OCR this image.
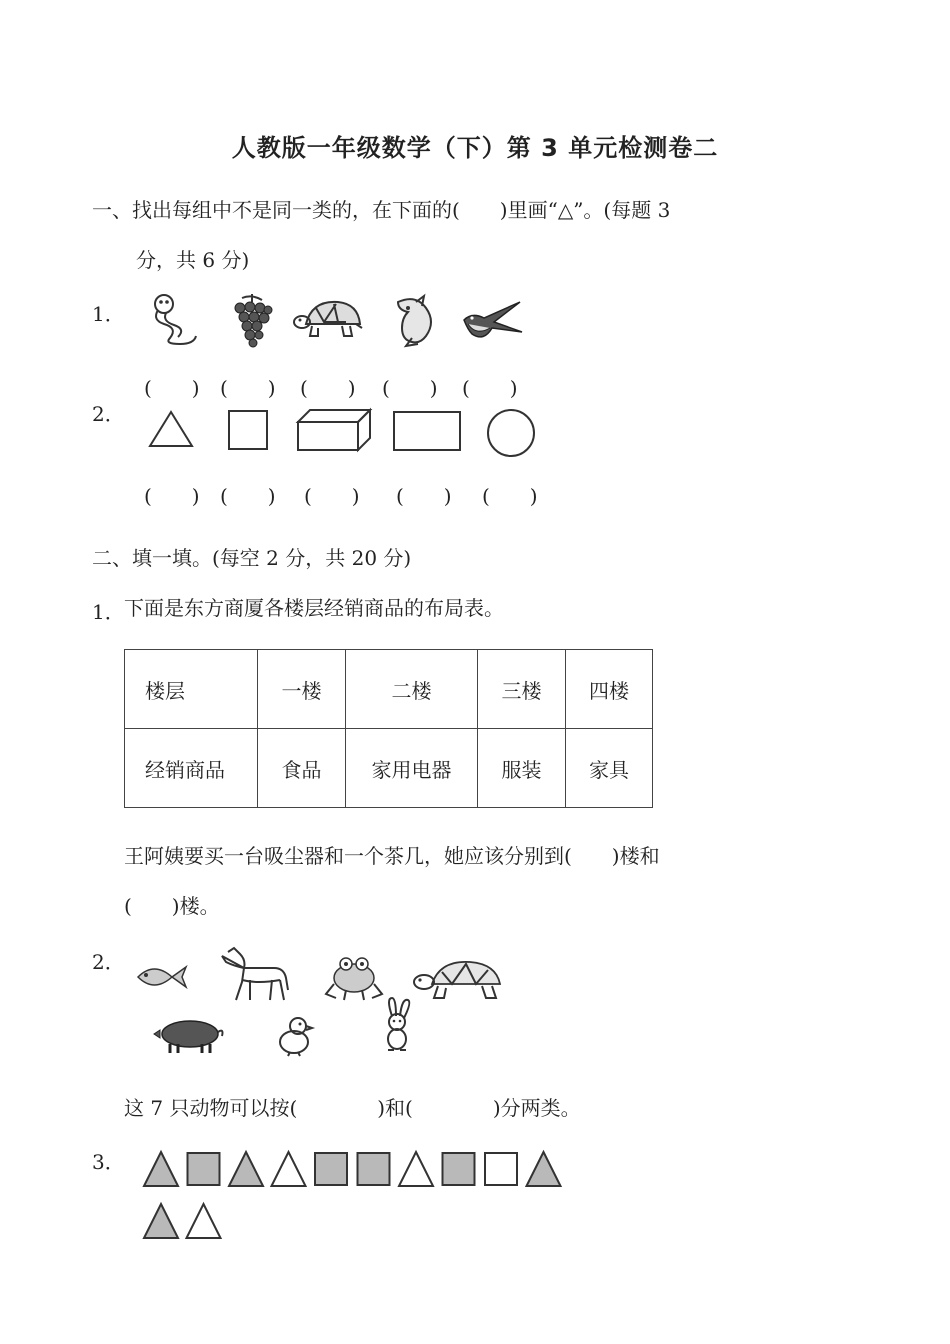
人教版一年级数学（下）第 3 单元检测卷二
一、找出每组中不是同一类的，在下面的(　　)里画“△”。(每题 3
分，共 6 分)
1．
(　　) (　　) (　　) (　　) (　　)
2．
(　　) (　　) (　　) (　　) (　　)
二、填一填。(每空 2 分，共 20 分)
1． 下面是东方商厦各楼层经销商品的布局表。
楼层	一楼	二楼	三楼	四楼
经销商品	食品	家用电器	服装	家具
王阿姨要买一台吸尘器和一个茶几，她应该分别到(　　)楼和
(　　)楼。
2．
这 7 只动物可以按(　　　　)和(　　　　)分两类。
3．
